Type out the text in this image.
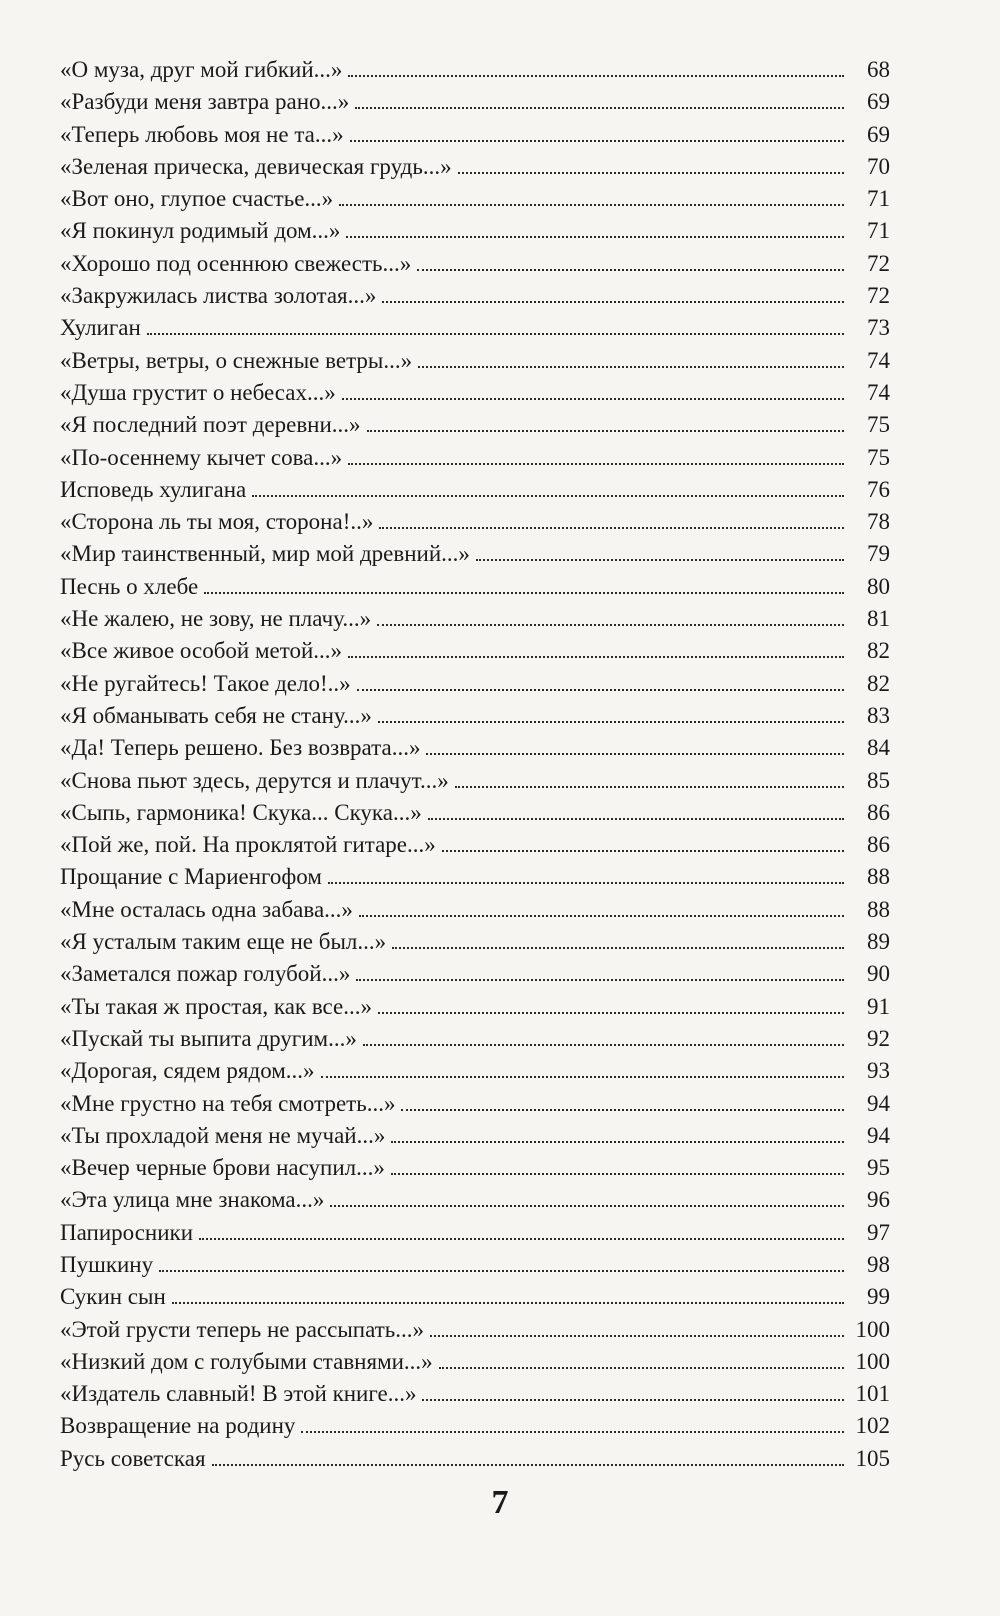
«О муза, друг мой гибкий...»	68
«Разбуди меня завтра рано...»	69
«Теперь любовь моя не та...»	69
«Зеленая прическа, девическая грудь...»	70
«Вот оно, глупое счастье...»	71
«Я покинул родимый дом...»	71
«Хорошо под осеннюю свежесть...»	72
«Закружилась листва золотая...»	72
Хулиган	73
«Ветры, ветры, о снежные ветры...»	74
«Душа грустит о небесах...»	74
«Я последний поэт деревни...»	75
«По-осеннему кычет сова...»	75
Исповедь хулигана	76
«Сторона ль ты моя, сторона!..»	78
«Мир таинственный, мир мой древний...»	79
Песнь о хлебе	80
«Не жалею, не зову, не плачу...»	81
«Все живое особой метой...»	82
«Не ругайтесь! Такое дело!..»	82
«Я обманывать себя не стану...»	83
«Да! Теперь решено. Без возврата...»	84
«Снова пьют здесь, дерутся и плачут...»	85
«Сыпь, гармоника! Скука... Скука...»	86
«Пой же, пой. На проклятой гитаре...»	86
Прощание с Мариенгофом	88
«Мне осталась одна забава...»	88
«Я усталым таким еще не был...»	89
«Заметался пожар голубой...»	90
«Ты такая ж простая, как все...»	91
«Пускай ты выпита другим...»	92
«Дорогая, сядем рядом...»	93
«Мне грустно на тебя смотреть...»	94
«Ты прохладой меня не мучай...»	94
«Вечер черные брови насупил...»	95
«Эта улица мне знакома...»	96
Папиросники	97
Пушкину	98
Сукин сын	99
«Этой грусти теперь не рассыпать...»	100
«Низкий дом с голубыми ставнями...»	100
«Издатель славный! В этой книге...»	101
Возвращение на родину	102
Русь советская	105
7
